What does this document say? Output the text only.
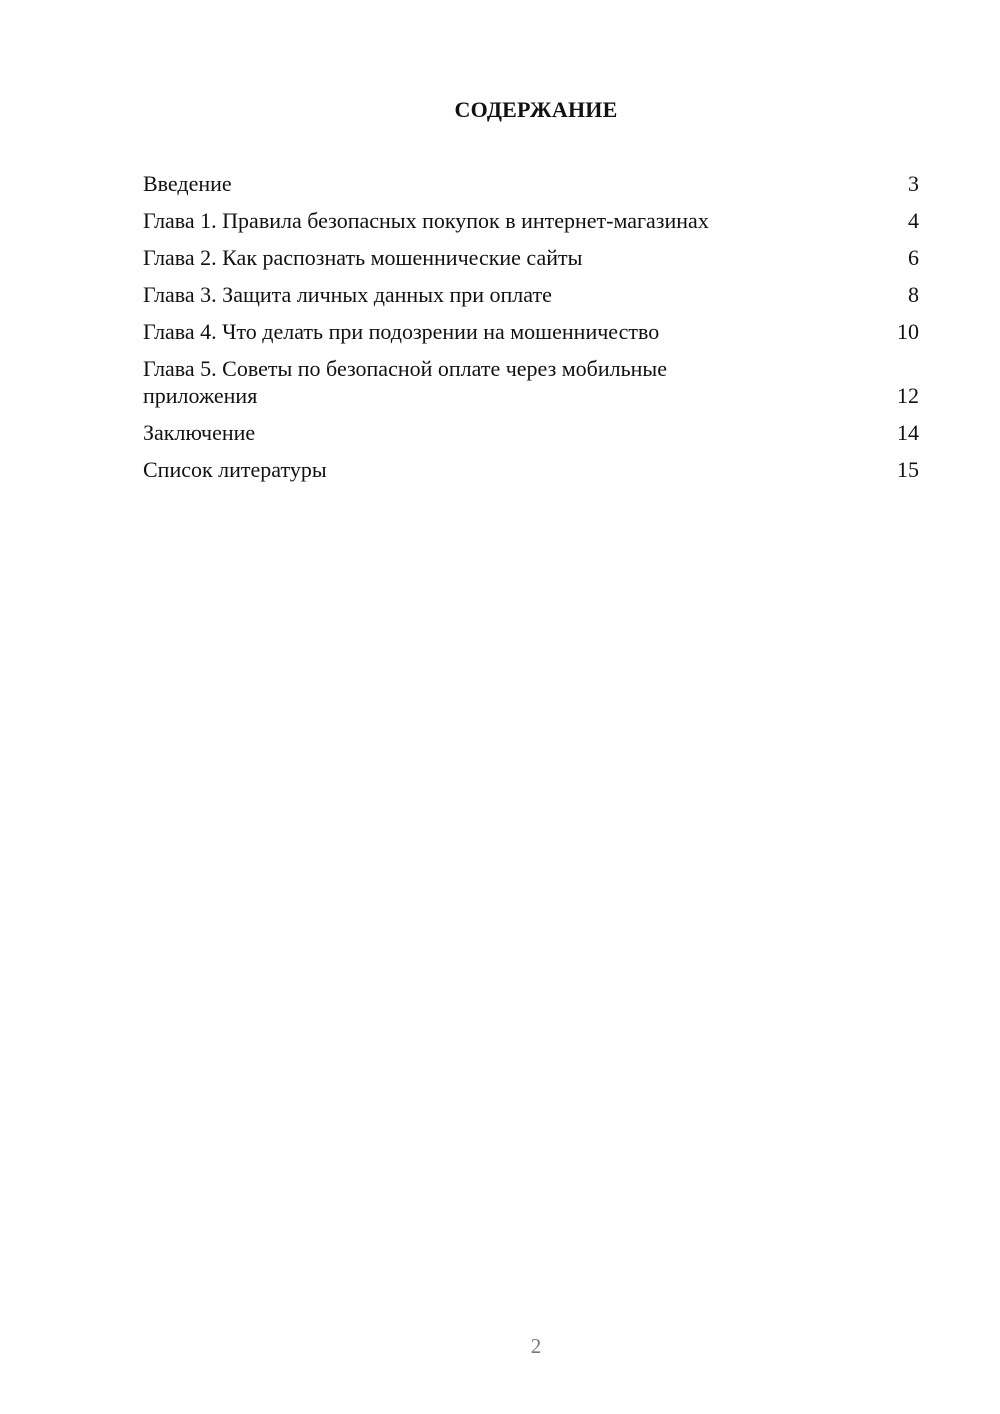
СОДЕРЖАНИЕ
Введение	3
Глава 1. Правила безопасных покупок в интернет-магазинах	4
Глава 2. Как распознать мошеннические сайты	6
Глава 3. Защита личных данных при оплате	8
Глава 4. Что делать при подозрении на мошенничество	10
Глава 5. Советы по безопасной оплате через мобильные приложения	12
Заключение	14
Список литературы	15
2
